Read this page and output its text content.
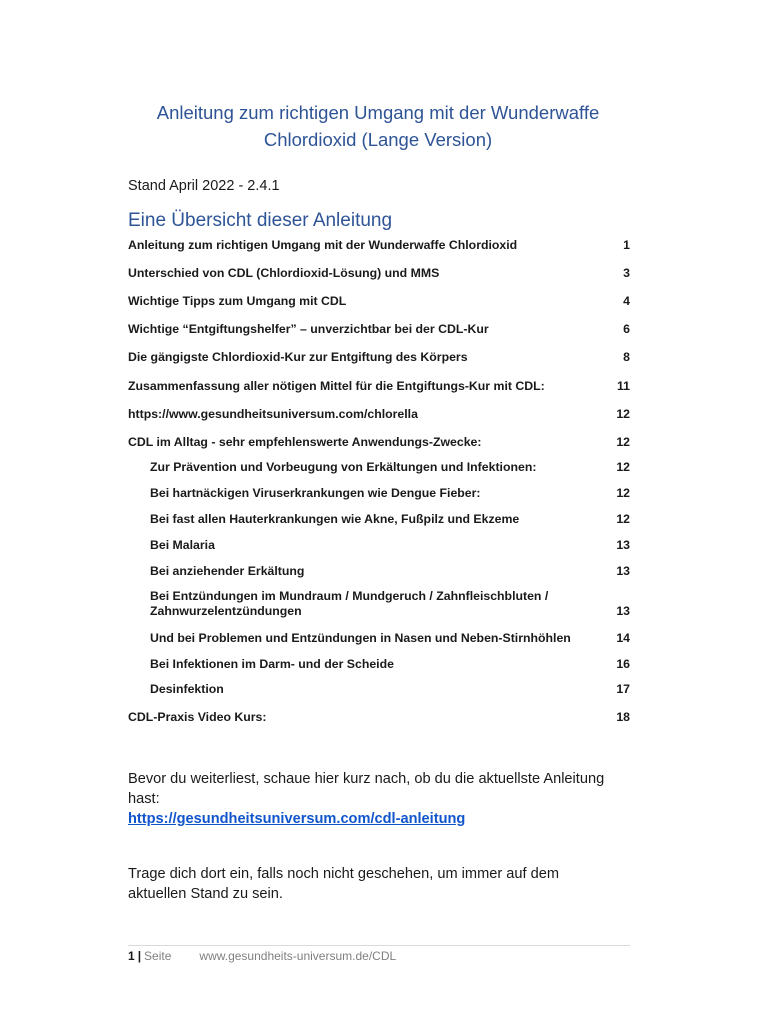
Anleitung zum richtigen Umgang mit der Wunderwaffe
Chlordioxid (Lange Version)
Stand April 2022 - 2.4.1
Eine Übersicht dieser Anleitung
Anleitung zum richtigen Umgang mit der Wunderwaffe Chlordioxid	1
Unterschied von CDL (Chlordioxid-Lösung) und MMS	3
Wichtige Tipps zum Umgang mit CDL	4
Wichtige “Entgiftungshelfer” – unverzichtbar bei der CDL-Kur	6
Die gängigste Chlordioxid-Kur zur Entgiftung des Körpers	8
Zusammenfassung aller nötigen Mittel für die Entgiftungs-Kur mit CDL:	11
https://www.gesundheitsuniversum.com/chlorella	12
CDL im Alltag - sehr empfehlenswerte Anwendungs-Zwecke:	12
Zur Prävention und Vorbeugung von Erkältungen und Infektionen:	12
Bei hartnäckigen Viruserkrankungen wie Dengue Fieber:	12
Bei fast allen Hauterkrankungen wie Akne, Fußpilz und Ekzeme	12
Bei Malaria	13
Bei anziehender Erkältung	13
Bei Entzündungen im Mundraum / Mundgeruch / Zahnfleischbluten / Zahnwurzelentzündungen	13
Und bei Problemen und Entzündungen in Nasen und Neben-Stirnhöhlen	14
Bei Infektionen im Darm- und der Scheide	16
Desinfektion	17
CDL-Praxis Video Kurs:	18
Bevor du weiterliest, schaue hier kurz nach, ob du die aktuellste Anleitung hast:
https://gesundheitsuniversum.com/cdl-anleitung
Trage dich dort ein, falls noch nicht geschehen, um immer auf dem aktuellen Stand zu sein.
1 | Seite www.gesundheits-universum.de/CDL
